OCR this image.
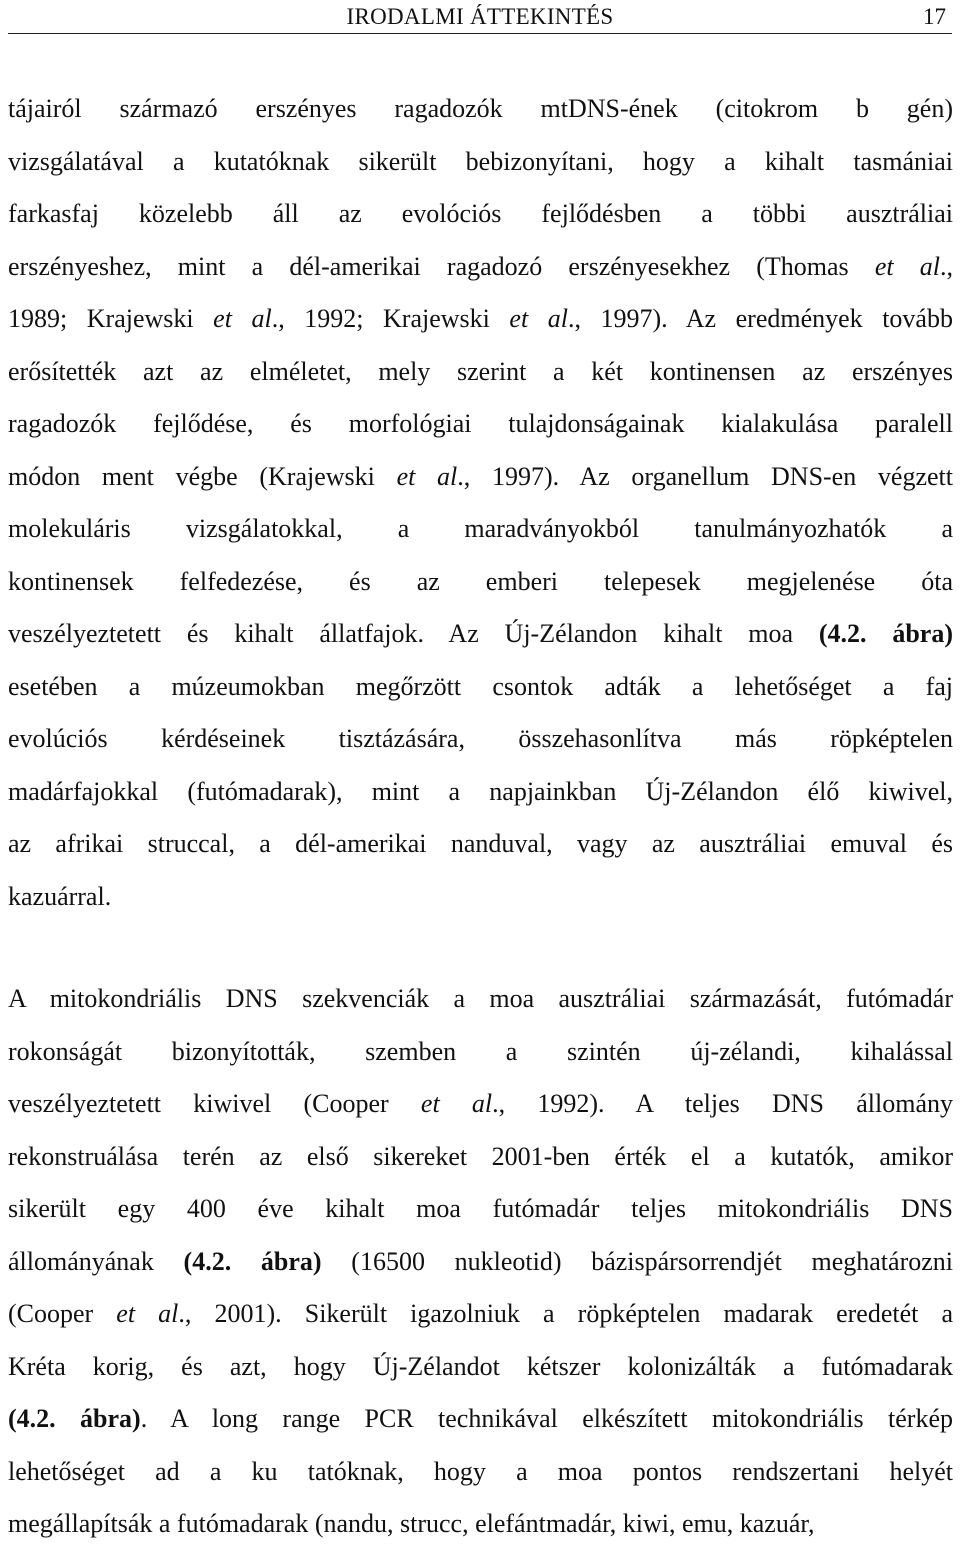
IRODALMI ÁTTEKINTÉS	17
tájairól származó erszényes ragadozók mtDNS-ének (citokrom b gén)
vizsgálatával a kutatóknak sikerült bebizonyítani, hogy a kihalt tasmániai
farkasfaj közelebb áll az evolóciós fejlődésben a többi ausztráliai
erszényeshez, mint a dél-amerikai ragadozó erszényesekhez (Thomas et al.,
1989; Krajewski et al., 1992; Krajewski et al., 1997). Az eredmények tovább
erősítették azt az elméletet, mely szerint a két kontinensen az erszényes
ragadozók fejlődése, és morfológiai tulajdonságainak kialakulása paralell
módon ment végbe (Krajewski et al., 1997). Az organellum DNS-en végzett
molekuláris vizsgálatokkal, a maradványokból tanulmányozhatók a
kontinensek felfedezése, és az emberi telepesek megjelenése óta
veszélyeztetett és kihalt állatfajok. Az Új-Zélandon kihalt moa (4.2. ábra)
esetében a múzeumokban megőrzött csontok adták a lehetőséget a faj
evolúciós kérdéseinek tisztázására, összehasonlítva más röpképtelen
madárfajokkal (futómadarak), mint a napjainkban Új-Zélandon élő kiwivel,
az afrikai struccal, a dél-amerikai nanduval, vagy az ausztráliai emuval és
kazuárral.
A mitokondriális DNS szekvenciák a moa ausztráliai származását, futómadár
rokonságát bizonyították, szemben a szintén új-zélandi, kihalással
veszélyeztetett kiwivel (Cooper et al., 1992). A teljes DNS állomány
rekonstruálása terén az első sikereket 2001-ben érték el a kutatók, amikor
sikerült egy 400 éve kihalt moa futómadár teljes mitokondriális DNS
állományának (4.2. ábra) (16500 nukleotid) bázispársorrendjét meghatározni
(Cooper et al., 2001). Sikerült igazolniuk a röpképtelen madarak eredetét a
Kréta korig, és azt, hogy Új-Zélandot kétszer kolonizálták a futómadarak
(4.2. ábra). A long range PCR technikával elkészített mitokondriális térkép
lehetőséget ad a ku tatóknak, hogy a moa pontos rendszertani helyét
megállapítsák a futómadarak (nandu, strucc, elefántmadár, kiwi, emu, kazuár,
